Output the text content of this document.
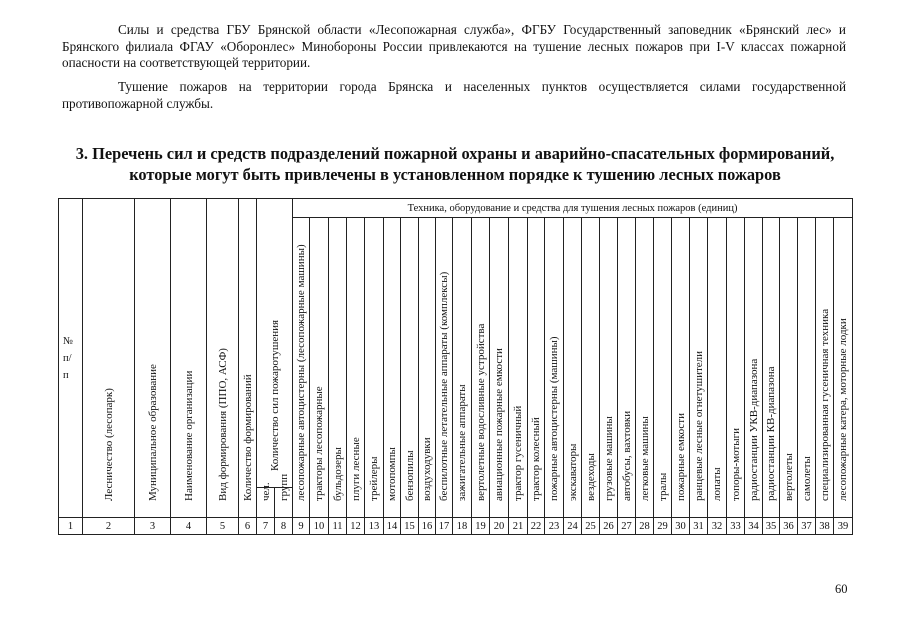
Силы и средства ГБУ Брянской области «Лесопожарная служба», ФГБУ Государственный заповедник «Брянский лес» и Брянского филиала ФГАУ «Оборонлес» Минобороны России привлекаются на тушение лесных пожаров при I-V классах пожарной опасности на соответствующей территории.
Тушение пожаров на территории города Брянска и населенных пунктов осуществляется силами государственной противопожарной службы.
3. Перечень сил и средств подразделений пожарной охраны и аварийно-спасательных формирований, которые могут быть привлечены в установленном порядке к тушению лесных пожаров
№
п/
п	Лесничество (лесопарк)	Муниципальное образование	Наименование организации	Вид формирования (ППО, АСФ)	Количество формирований	Количество сил пожаротушения		Техника, оборудование и средства для тушения лесных пожаров (единиц)																														

								лесопожарные автоцистерны (лесопожарные машины)	тракторы лесопожарные	бульдозеры	плуги лесные	трейлеры	мотопомпы	бензопилы	воздуходувки	беспилотные летательные аппараты (комплексы)	зажигательные аппараты	вертолетные водосливные устройства	авиационные пожарные емкости	трактор гусеничный	трактор колесный	пожарные автоцистерны (машины)	экскаваторы	вездеходы	грузовые машины	автобусы, вахтовки	легковые машины	тралы	пожарные емкости	ранцевые лесные огнетушители	лопаты	топоры-мотыги	радиостанции УКВ-диапазона	радиостанции КВ-диапазона	вертолеты	самолеты	специализированная гусеничная техника	лесопожарные катера, моторные лодки

						чел.	групп																															

1	2	3	4	5	6	7	8	9	10	11	12	13	14	15	16	17	18	19	20	21	22	23	24	25	26	27	28	29	30	31	32	33	34	35	36	37	38	39
60
